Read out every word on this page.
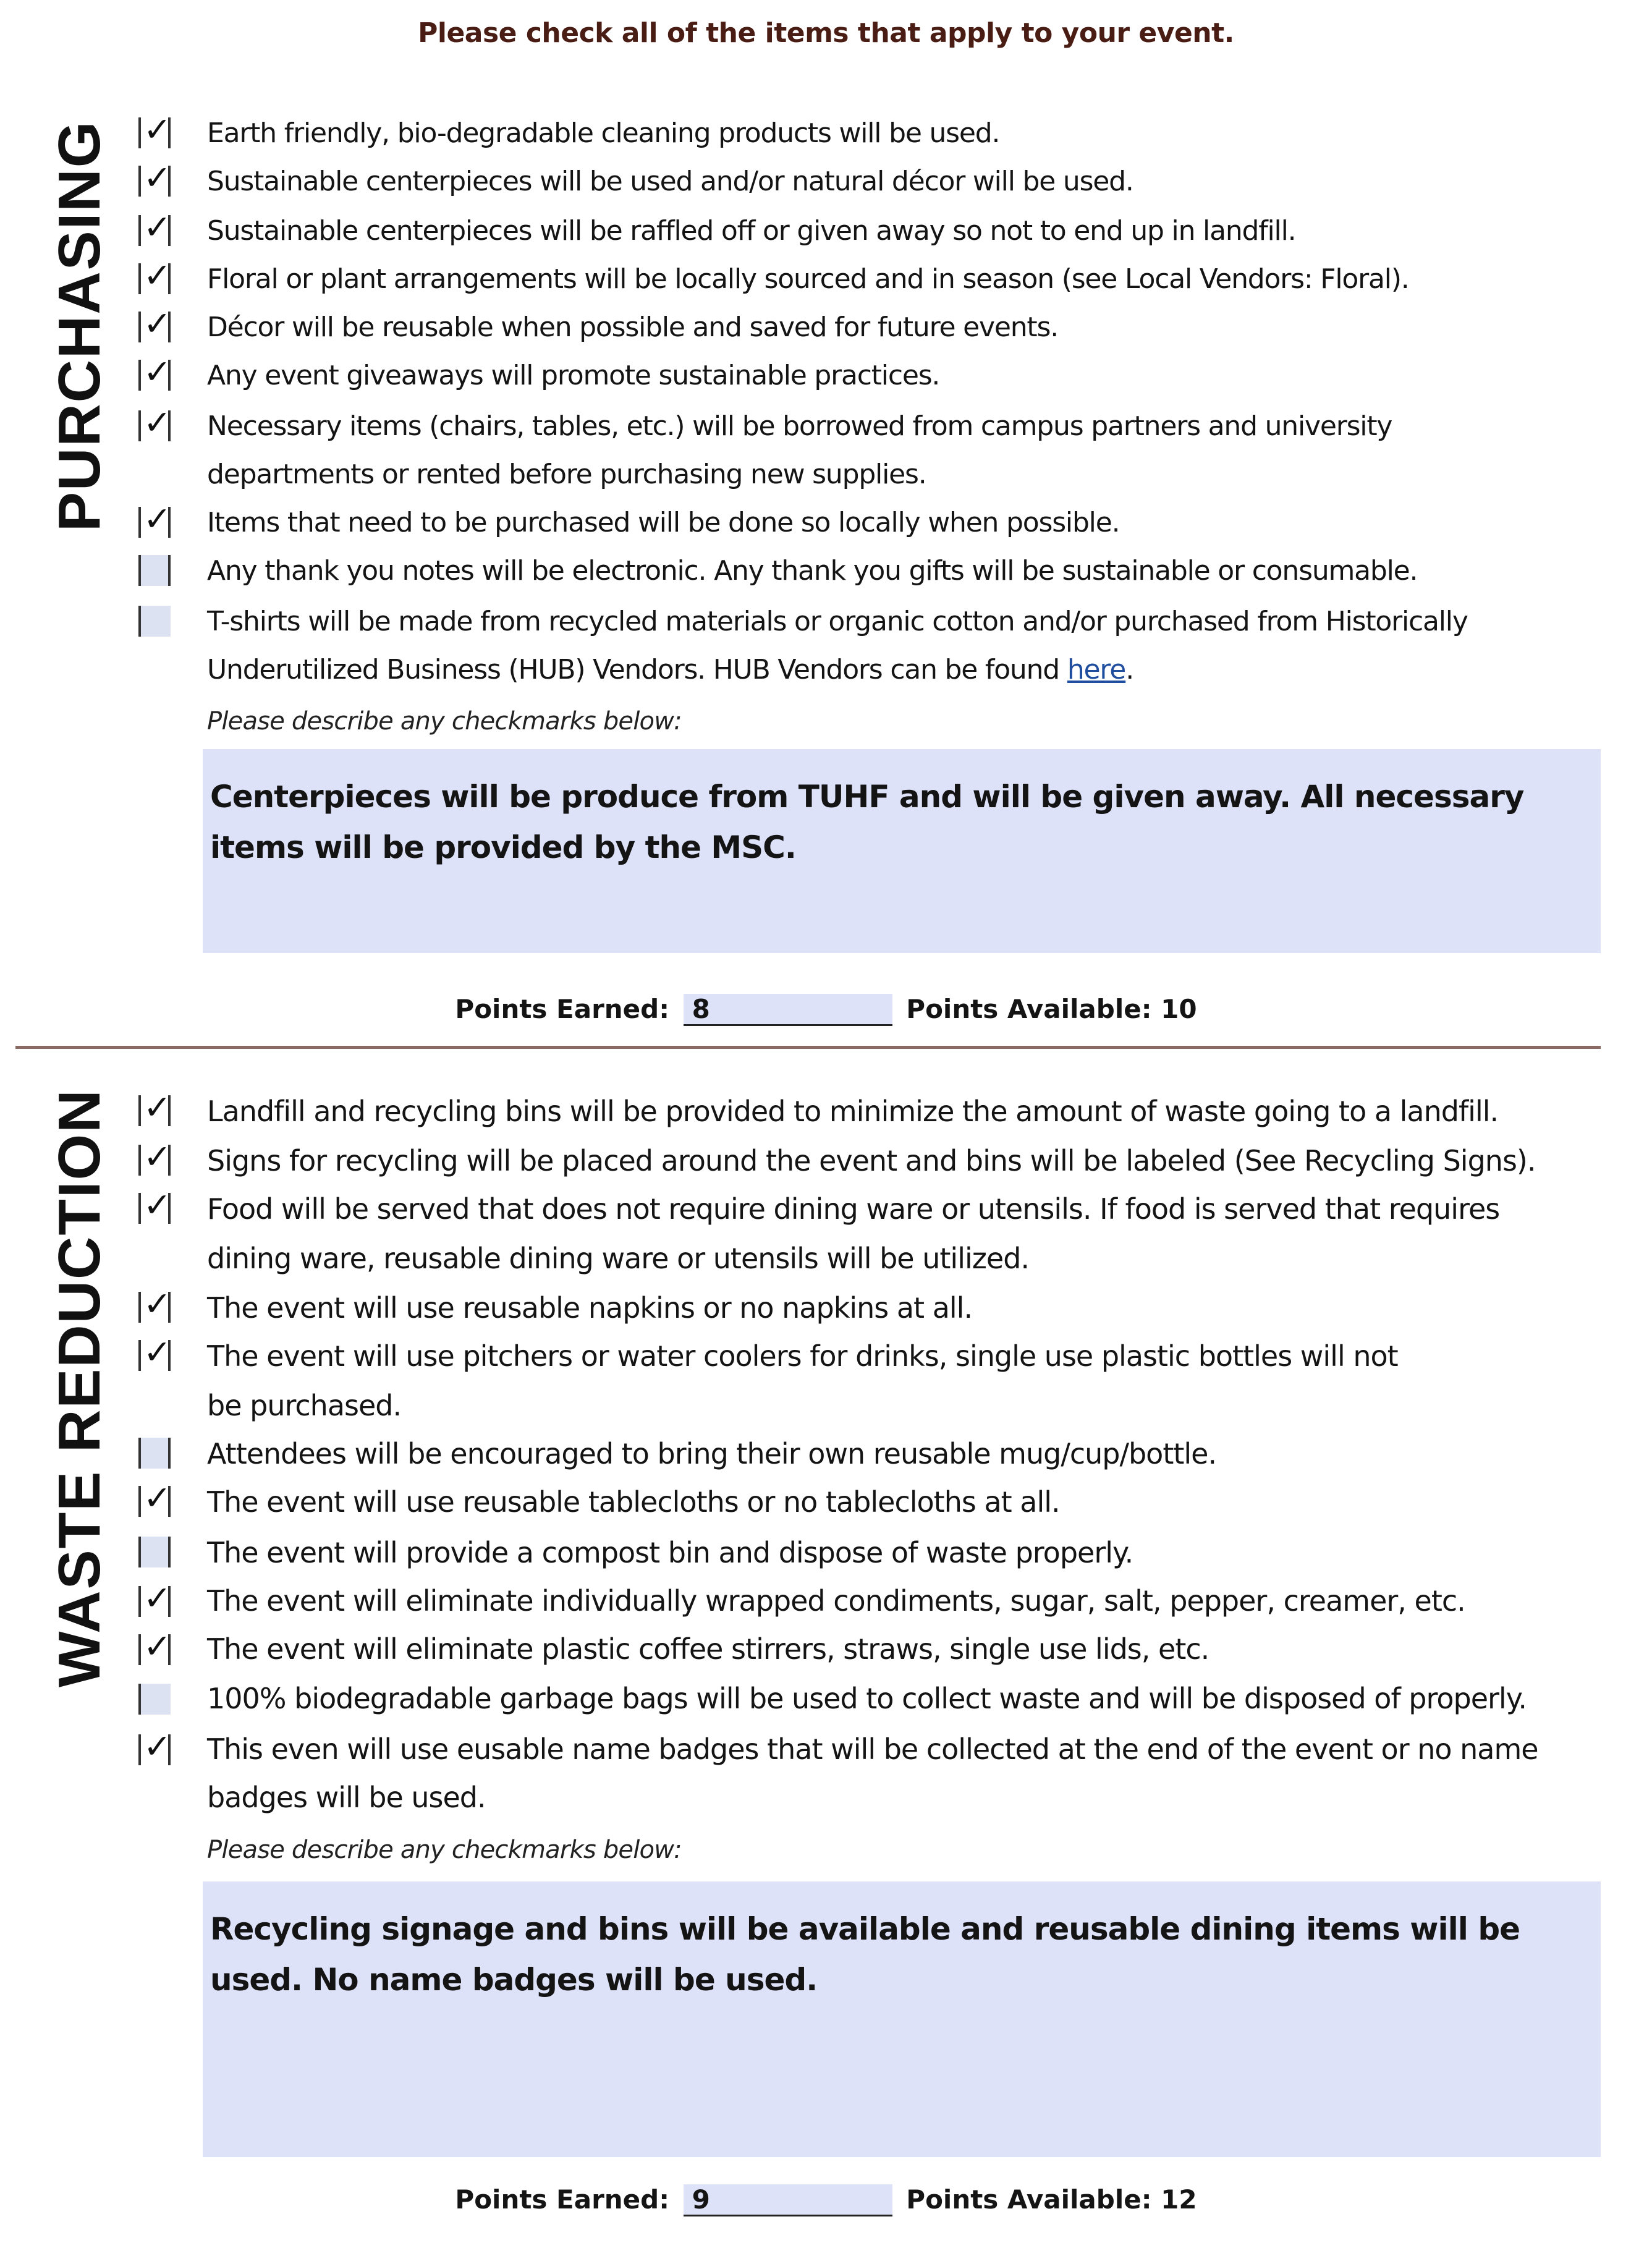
Please check all of the items that apply to your event.
PURCHASING ✓ Earth friendly, bio-degradable cleaning products will be used.
✓ Sustainable centerpieces will be used and/or natural décor will be used.
✓ Sustainable centerpieces will be raffled off or given away so not to end up in landfill.
✓ Floral or plant arrangements will be locally sourced and in season (see Local Vendors: Floral).
✓ Décor will be reusable when possible and saved for future events.
✓ Any event giveaways will promote sustainable practices.
✓ Necessary items (chairs, tables, etc.) will be borrowed from campus partners and university
departments or rented before purchasing new supplies.
✓ Items that need to be purchased will be done so locally when possible.
Any thank you notes will be electronic. Any thank you gifts will be sustainable or consumable.
T-shirts will be made from recycled materials or organic cotton and/or purchased from Historically
Underutilized Business (HUB) Vendors. HUB Vendors can be found here.
Please describe any checkmarks below:
Centerpieces will be produce from TUHF and will be given away. All necessary items will be provided by the MSC.
Points Earned: 8	Points Available: 10
WASTE REDUCTION ✓ Landfill and recycling bins will be provided to minimize the amount of waste going to a landfill.
✓ Signs for recycling will be placed around the event and bins will be labeled (See Recycling Signs).
✓ Food will be served that does not require dining ware or utensils. If food is served that requires
dining ware, reusable dining ware or utensils will be utilized.
✓ The event will use reusable napkins or no napkins at all.
✓ The event will use pitchers or water coolers for drinks, single use plastic bottles will not
be purchased.
Attendees will be encouraged to bring their own reusable mug/cup/bottle.
✓ The event will use reusable tablecloths or no tablecloths at all.
The event will provide a compost bin and dispose of waste properly.
✓ The event will eliminate individually wrapped condiments, sugar, salt, pepper, creamer, etc.
✓ The event will eliminate plastic coffee stirrers, straws, single use lids, etc.
100% biodegradable garbage bags will be used to collect waste and will be disposed of properly.
✓ This even will use eusable name badges that will be collected at the end of the event or no name
badges will be used.
Please describe any checkmarks below:
Recycling signage and bins will be available and reusable dining items will be used. No name badges will be used.
Points Earned: 9	Points Available: 12
